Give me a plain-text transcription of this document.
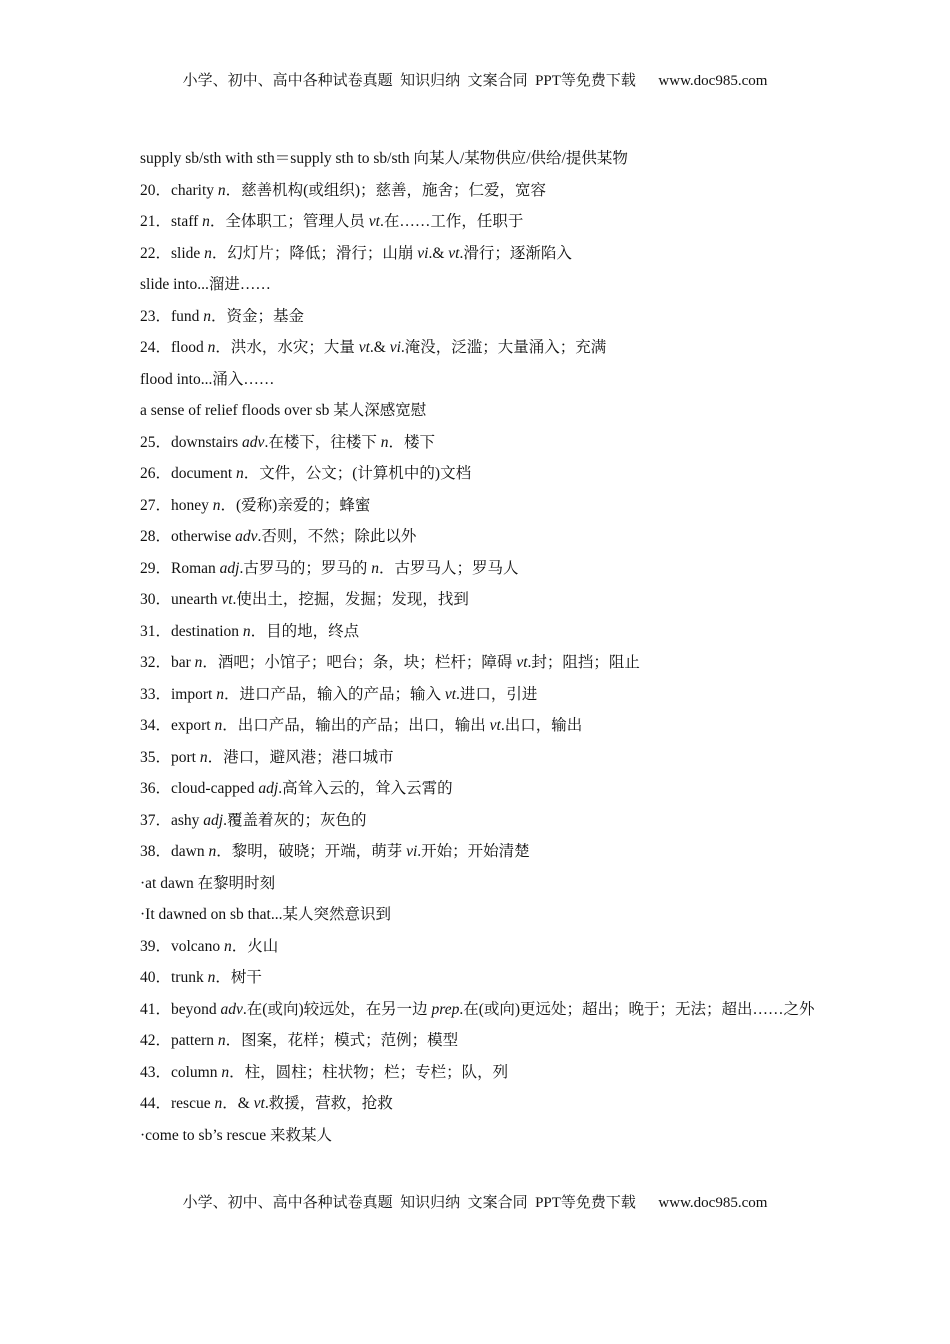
小学、初中、高中各种试卷真题  知识归纳  文案合同  PPT等免费下载      www.doc985.com
supply sb/sth with sth＝supply sth to sb/sth 向某人/某物供应/供给/提供某物
20．charity n．慈善机构(或组织)；慈善，施舍；仁爱，宽容
21．staff n．全体职工；管理人员 vt.在……工作，任职于
22．slide n．幻灯片；降低；滑行；山崩 vi.& vt.滑行；逐渐陷入
slide into...溜进……
23．fund n．资金；基金
24．flood n．洪水，水灾；大量 vt.& vi.淹没，泛滥；大量涌入；充满
flood into...涌入……
a sense of relief floods over sb 某人深感宽慰
25．downstairs adv.在楼下，往楼下 n．楼下
26．document n．文件，公文；(计算机中的)文档
27．honey n．(爱称)亲爱的；蜂蜜
28．otherwise adv.否则，不然；除此以外
29．Roman adj.古罗马的；罗马的 n．古罗马人；罗马人
30．unearth vt.使出土，挖掘，发掘；发现，找到
31．destination n．目的地，终点
32．bar n．酒吧；小馆子；吧台；条，块；栏杆；障碍 vt.封；阻挡；阻止
33．import n．进口产品，输入的产品；输入 vt.进口，引进
34．export n．出口产品，输出的产品；出口，输出 vt.出口，输出
35．port n．港口，避风港；港口城市
36．cloud-capped adj.高耸入云的，耸入云霄的
37．ashy adj.覆盖着灰的；灰色的
38．dawn n．黎明，破晓；开端，萌芽 vi.开始；开始清楚
·at dawn 在黎明时刻
·It dawned on sb that...某人突然意识到
39．volcano n．火山
40．trunk n．树干
41．beyond adv.在(或向)较远处，在另一边 prep.在(或向)更远处；超出；晚于；无法；超出……之外
42．pattern n．图案，花样；模式；范例；模型
43．column n．柱，圆柱；柱状物；栏；专栏；队，列
44．rescue n．& vt.救援，营救，抢救
·come to sb’s rescue 来救某人
小学、初中、高中各种试卷真题  知识归纳  文案合同  PPT等免费下载      www.doc985.com
